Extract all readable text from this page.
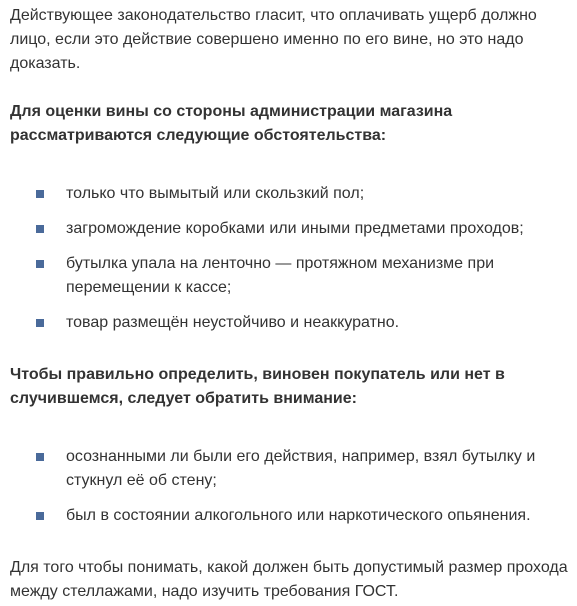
Действующее законодательство гласит, что оплачивать ущерб должно лицо, если это действие совершено именно по его вине, но это надо доказать.

Для оценки вины со стороны администрации магазина рассматриваются следующие обстоятельства:

только что вымытый или скользкий пол;
загромождение коробками или иными предметами проходов;
бутылка упала на ленточно — протяжном механизме при перемещении к кассе;
товар размещён неустойчиво и неаккуратно.

Чтобы правильно определить, виновен покупатель или нет в случившемся, следует обратить внимание:

осознанными ли были его действия, например, взял бутылку и стукнул её об стену;
был в состоянии алкогольного или наркотического опьянения.

Для того чтобы понимать, какой должен быть допустимый размер прохода между стеллажами, надо изучить требования ГОСТ.
